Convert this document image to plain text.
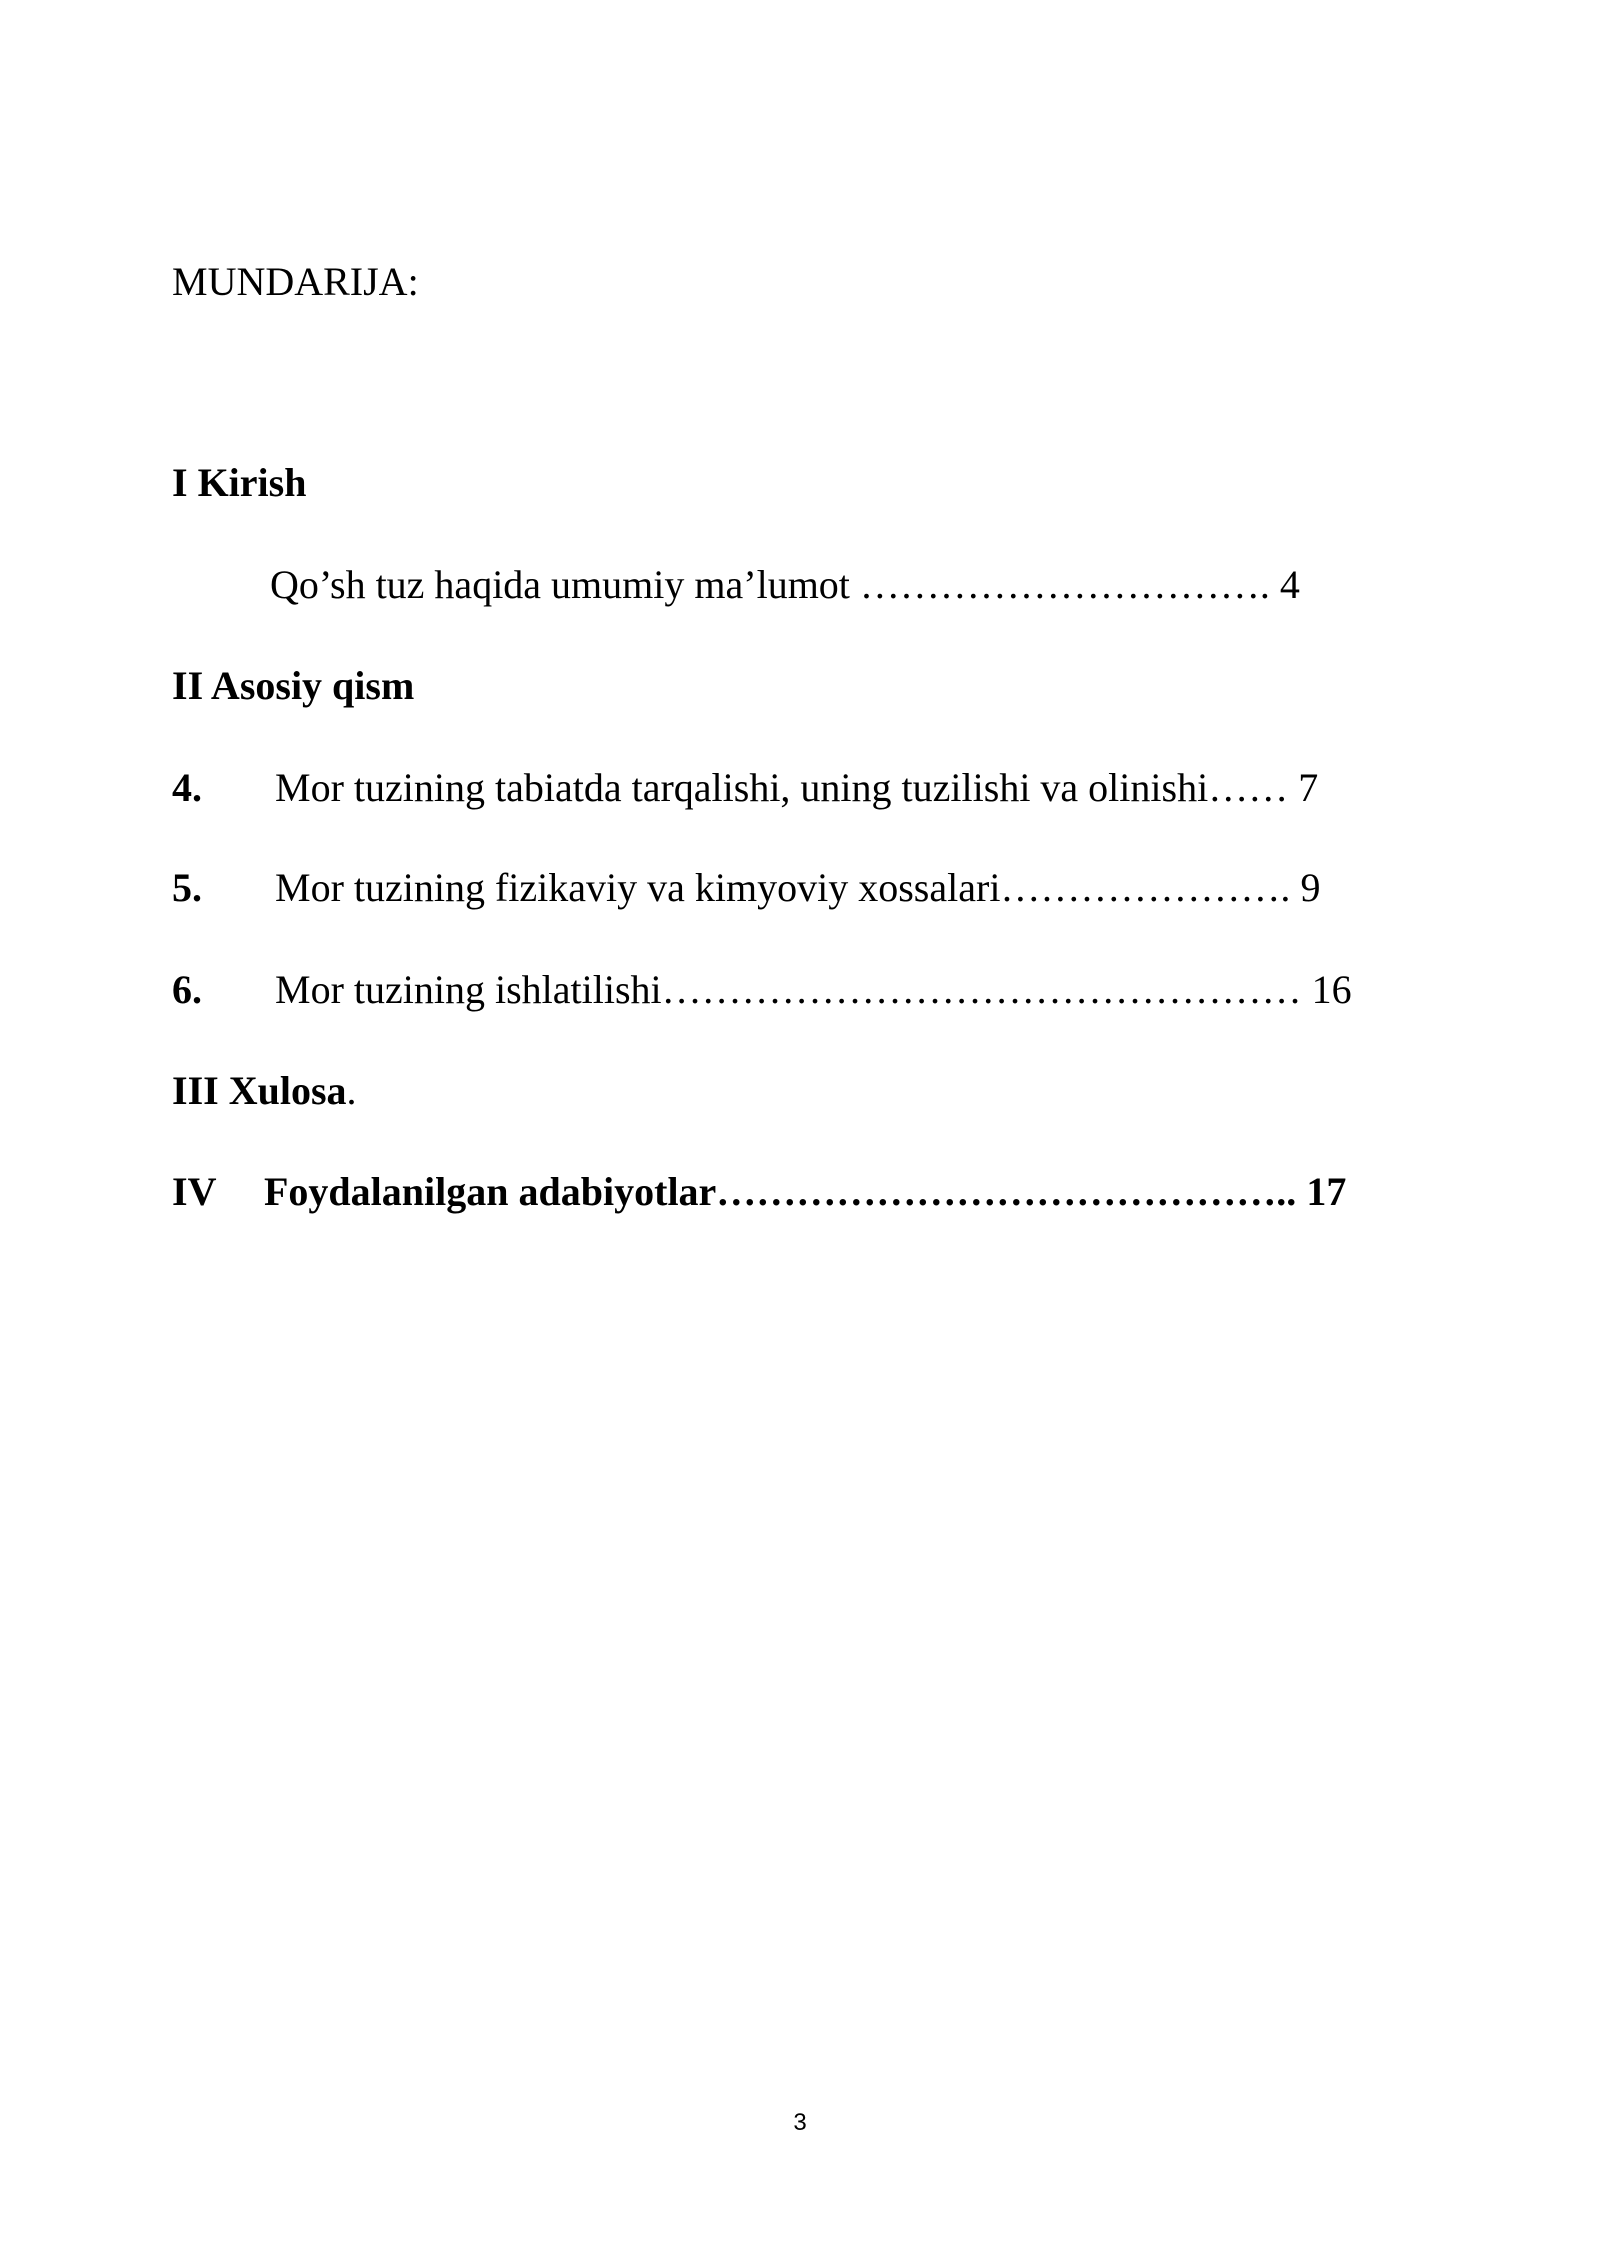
MUNDARIJA:
I Kirish
Qo’sh tuz haqida umumiy ma’lumot …………………………. 4
II Asosiy qism
4. Mor tuzining tabiatda tarqalishi, uning tuzilishi va olinishi…… 7
5. Mor tuzining fizikaviy va kimyoviy xossalari…………………. 9
6. Mor tuzining ishlatilishi………………………………………… 16
III Xulosa.
IV Foydalanilgan adabiyotlar…………………………………….. 17
3
